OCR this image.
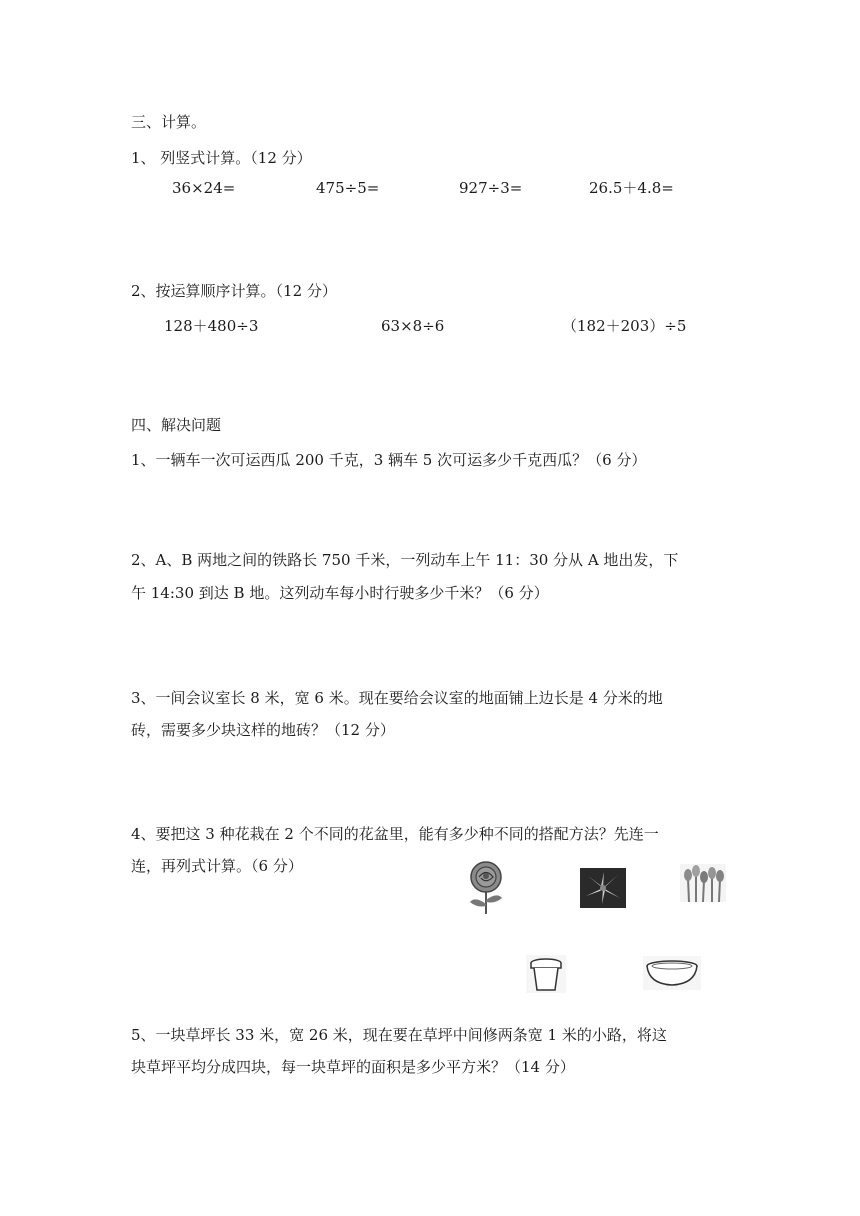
三、计算。
1、 列竖式计算。（12 分）
36×24=	475÷5=	927÷3=	26.5＋4.8=
2、按运算顺序计算。（12 分）
128＋480÷3	63×8÷6	（182＋203）÷5
四、解决问题
1、一辆车一次可运西瓜 200 千克，3 辆车 5 次可运多少千克西瓜？（6 分）
2、A、B 两地之间的铁路长 750 千米，一列动车上午 11：30 分从 A 地出发，下
午 14:30 到达 B 地。这列动车每小时行驶多少千米？（6 分）
3、一间会议室长 8 米，宽 6 米。现在要给会议室的地面铺上边长是 4 分米的地
砖，需要多少块这样的地砖？（12 分）
4、要把这 3 种花栽在 2 个不同的花盆里，能有多少种不同的搭配方法？先连一
连，再列式计算。（6 分）
5、一块草坪长 33 米，宽 26 米，现在要在草坪中间修两条宽 1 米的小路，将这
块草坪平均分成四块，每一块草坪的面积是多少平方米？（14 分）
